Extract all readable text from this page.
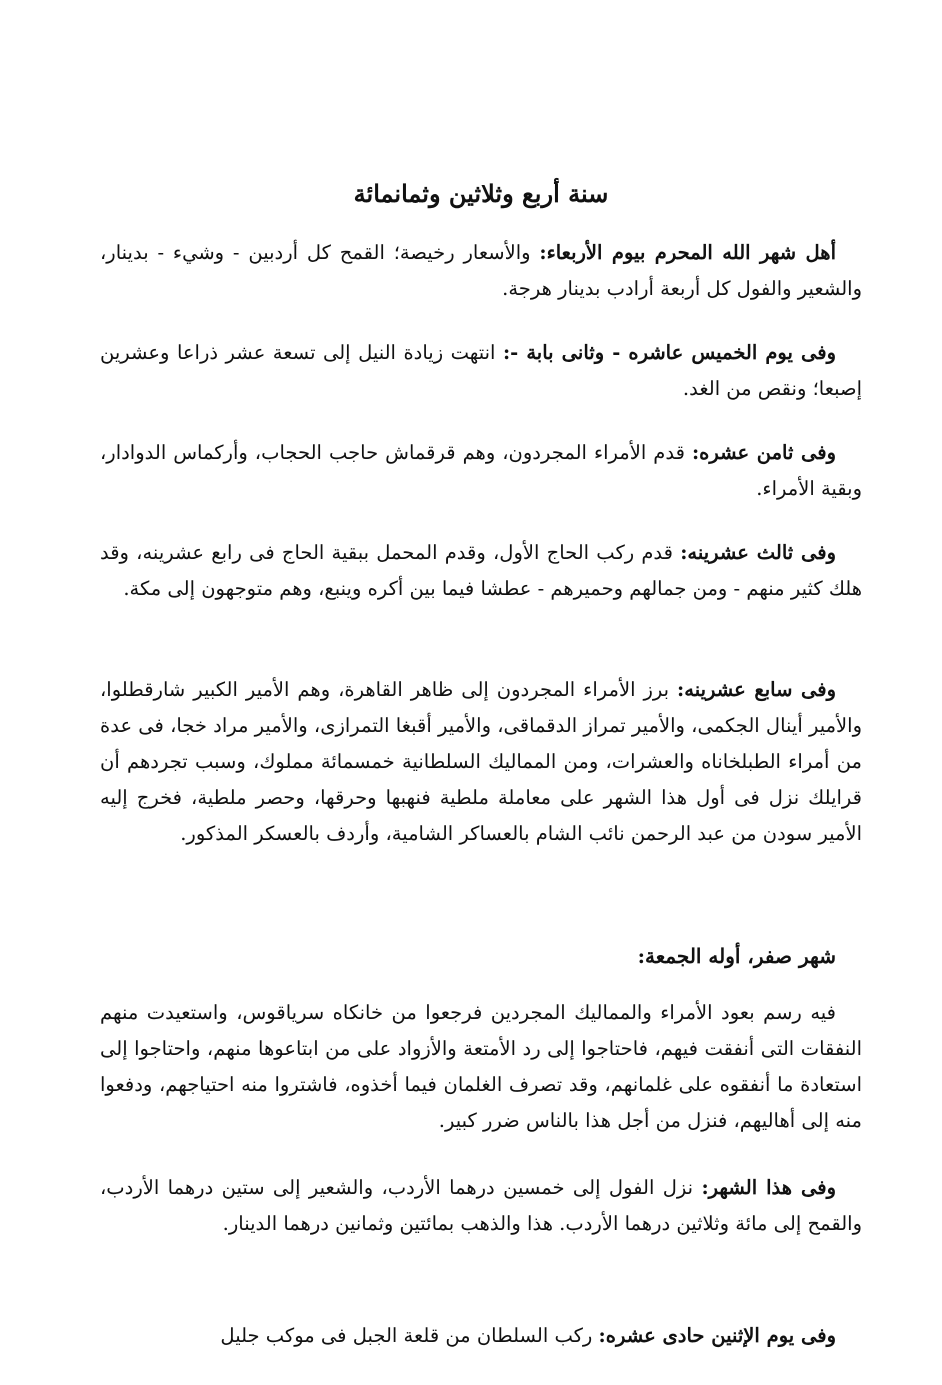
سنة أربع وثلاثين وثمانمائة

أهل شهر الله المحرم بيوم الأربعاء: والأسعار رخيصة؛ القمح كل أردبين - وشيء - بدينار، والشعير والفول كل أربعة أرادب بدينار هرجة.

وفى يوم الخميس عاشره - وثانى بابة -: انتهت زيادة النيل إلى تسعة عشر ذراعا وعشرين إصبعا؛ ونقص من الغد.

وفى ثامن عشره: قدم الأمراء المجردون، وهم قرقماش حاجب الحجاب، وأركماس الدوادار، وبقية الأمراء.

وفى ثالث عشرينه: قدم ركب الحاج الأول، وقدم المحمل ببقية الحاج فى رابع عشرينه، وقد هلك كثير منهم - ومن جمالهم وحميرهم - عطشا فيما بين أكره وينبع، وهم متوجهون إلى مكة.

وفى سابع عشرينه: برز الأمراء المجردون إلى ظاهر القاهرة، وهم الأمير الكبير شارقطلوا، والأمير أينال الجكمى، والأمير تمراز الدقماقى، والأمير أقبغا التمرازى، والأمير مراد خجا، فى عدة من أمراء الطبلخاناه والعشرات، ومن المماليك السلطانية خمسمائة مملوك، وسبب تجردهم أن قرايلك نزل فى أول هذا الشهر على معاملة ملطية فنهبها وحرقها، وحصر ملطية، فخرج إليه الأمير سودن من عبد الرحمن نائب الشام بالعساكر الشامية، وأردف بالعسكر المذكور.

شهر صفر، أوله الجمعة:

فيه رسم بعود الأمراء والمماليك المجردين فرجعوا من خانكاه سرياقوس، واستعيدت منهم النفقات التى أنفقت فيهم، فاحتاجوا إلى رد الأمتعة والأزواد على من ابتاعوها منهم، واحتاجوا إلى استعادة ما أنفقوه على غلمانهم، وقد تصرف الغلمان فيما أخذوه، فاشتروا منه احتياجهم، ودفعوا منه إلى أهاليهم، فنزل من أجل هذا بالناس ضرر كبير.

وفى هذا الشهر: نزل الفول إلى خمسين درهما الأردب، والشعير إلى ستين درهما الأردب، والقمح إلى مائة وثلاثين درهما الأردب. هذا والذهب بمائتين وثمانين درهما الدينار.

وفى يوم الإثنين حادى عشره: ركب السلطان من قلعة الجبل فى موكب جليل
